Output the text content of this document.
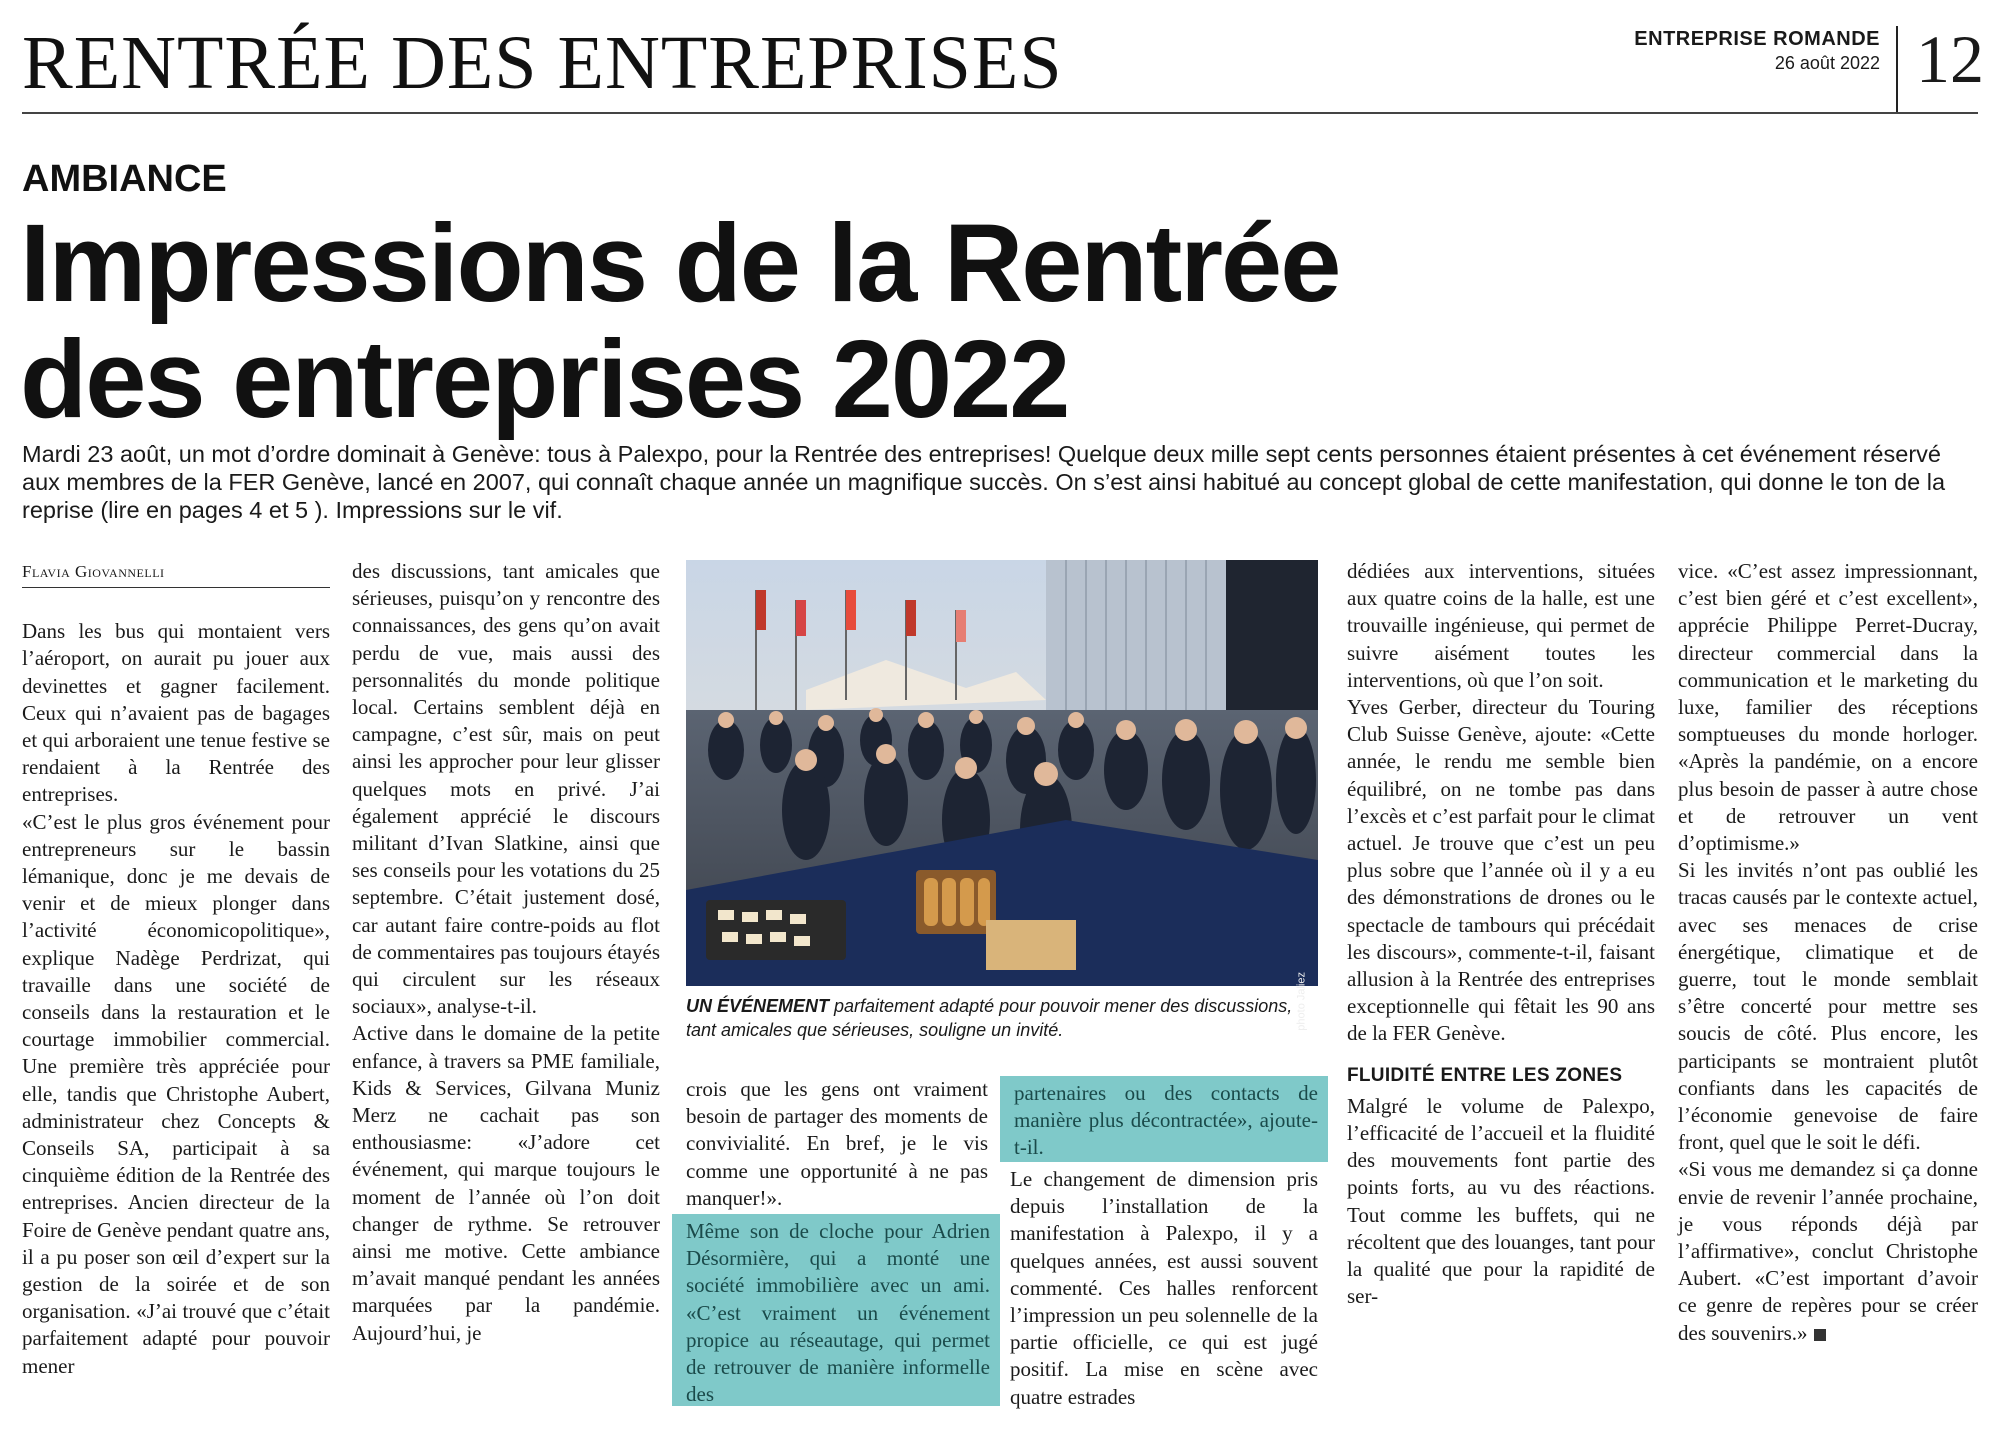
RENTRÉE DES ENTREPRISES	ENTREPRISE ROMANDE
26 août 2022 12
AMBIANCE
Impressions de la Rentrée
des entreprises 2022
Mardi 23 août, un mot d’ordre dominait à Genève: tous à Palexpo, pour la Rentrée des entreprises! Quelque deux mille sept cents personnes étaient présentes à cet événement réservé aux membres de la FER Genève, lancé en 2007, qui connaît chaque année un magnifique succès. On s’est ainsi habitué au concept global de cette manifestation, qui donne le ton de la reprise (lire en pages 4 et 5 ). Impressions sur le vif.
Flavia Giovannelli

Dans les bus qui montaient vers l’aéroport, on aurait pu jouer aux devinettes et gagner facilement. Ceux qui n’avaient pas de bagages et qui arboraient une tenue festive se rendaient à la Rentrée des entreprises.

«C’est le plus gros événement pour entrepreneurs sur le bassin lémanique, donc je me devais de venir et de mieux plonger dans l’activité économicopolitique», explique Nadège Perdrizat, qui travaille dans une société de conseils dans la restauration et le courtage immobilier commercial. Une première très appréciée pour elle, tandis que Christophe Aubert, administrateur chez Concepts & Conseils SA, participait à sa cinquième édition de la Rentrée des entreprises. Ancien directeur de la Foire de Genève pendant quatre ans, il a pu poser son œil d’expert sur la gestion de la soirée et de son organisation. «J’ai trouvé que c’était parfaitement adapté pour pouvoir mener

des discussions, tant amicales que sérieuses, puisqu’on y rencontre des connaissances, des gens qu’on avait perdu de vue, mais aussi des personnalités du monde politique local. Certains semblent déjà en campagne, c’est sûr, mais on peut ainsi les approcher pour leur glisser quelques mots en privé. J’ai également apprécié le discours militant d’Ivan Slatkine, ainsi que ses conseils pour les votations du 25 septembre. C’était justement dosé, car autant faire contre-poids au flot de commentaires pas toujours étayés qui circulent sur les réseaux sociaux», analyse-t-il.

Active dans le domaine de la petite enfance, à travers sa PME familiale, Kids & Services, Gilvana Muniz Merz ne cachait pas son enthousiasme: «J’adore cet événement, qui marque toujours le moment de l’année où l’on doit changer de rythme. Se retrouver ainsi me motive. Cette ambiance m’avait manqué pendant les années marquées par la pandémie. Aujourd’hui, je

photo Jaliez
UN ÉVÉNEMENT parfaitement adapté pour pouvoir mener des discussions, tant amicales que sérieuses, souligne un invité.

crois que les gens ont vraiment besoin de partager des moments de convivialité. En bref, je le vis comme une opportunité à ne pas manquer!».

Même son de cloche pour Adrien Désormière, qui a monté une société immobilière avec un ami. «C’est vraiment un événement propice au réseautage, qui permet de retrouver de manière informelle des
partenaires ou des contacts de manière plus décontractée», ajoute-t-il.

Le changement de dimension pris depuis l’installation de la manifestation à Palexpo, il y a quelques années, est aussi souvent commenté. Ces halles renforcent l’impression un peu solennelle de la partie officielle, ce qui est jugé positif. La mise en scène avec quatre estrades

dédiées aux interventions, situées aux quatre coins de la halle, est une trouvaille ingénieuse, qui permet de suivre aisément toutes les interventions, où que l’on soit.

Yves Gerber, directeur du Touring Club Suisse Genève, ajoute: «Cette année, le rendu me semble bien équilibré, on ne tombe pas dans l’excès et c’est parfait pour le climat actuel. Je trouve que c’est un peu plus sobre que l’année où il y a eu des démonstrations de drones ou le spectacle de tambours qui précédait les discours», commente-t-il, faisant allusion à la Rentrée des entreprises exceptionnelle qui fêtait les 90 ans de la FER Genève.

FLUIDITÉ ENTRE LES ZONES

Malgré le volume de Palexpo, l’efficacité de l’accueil et la fluidité des mouvements font partie des points forts, au vu des réactions. Tout comme les buffets, qui ne récoltent que des louanges, tant pour la qualité que pour la rapidité de ser-

vice. «C’est assez impressionnant, c’est bien géré et c’est excellent», apprécie Philippe Perret-Ducray, directeur commercial dans la communication et le marketing du luxe, familier des réceptions somptueuses du monde horloger. «Après la pandémie, on a encore plus besoin de passer à autre chose et de retrouver un vent d’optimisme.»

Si les invités n’ont pas oublié les tracas causés par le contexte actuel, avec ses menaces de crise énergétique, climatique et de guerre, tout le monde semblait s’être concerté pour mettre ses soucis de côté. Plus encore, les participants se montraient plutôt confiants dans les capacités de l’économie genevoise de faire front, quel que le soit le défi.

«Si vous me demandez si ça donne envie de revenir l’année prochaine, je vous réponds déjà par l’affirmative», conclut Christophe Aubert. «C’est important d’avoir ce genre de repères pour se créer des souvenirs.»
